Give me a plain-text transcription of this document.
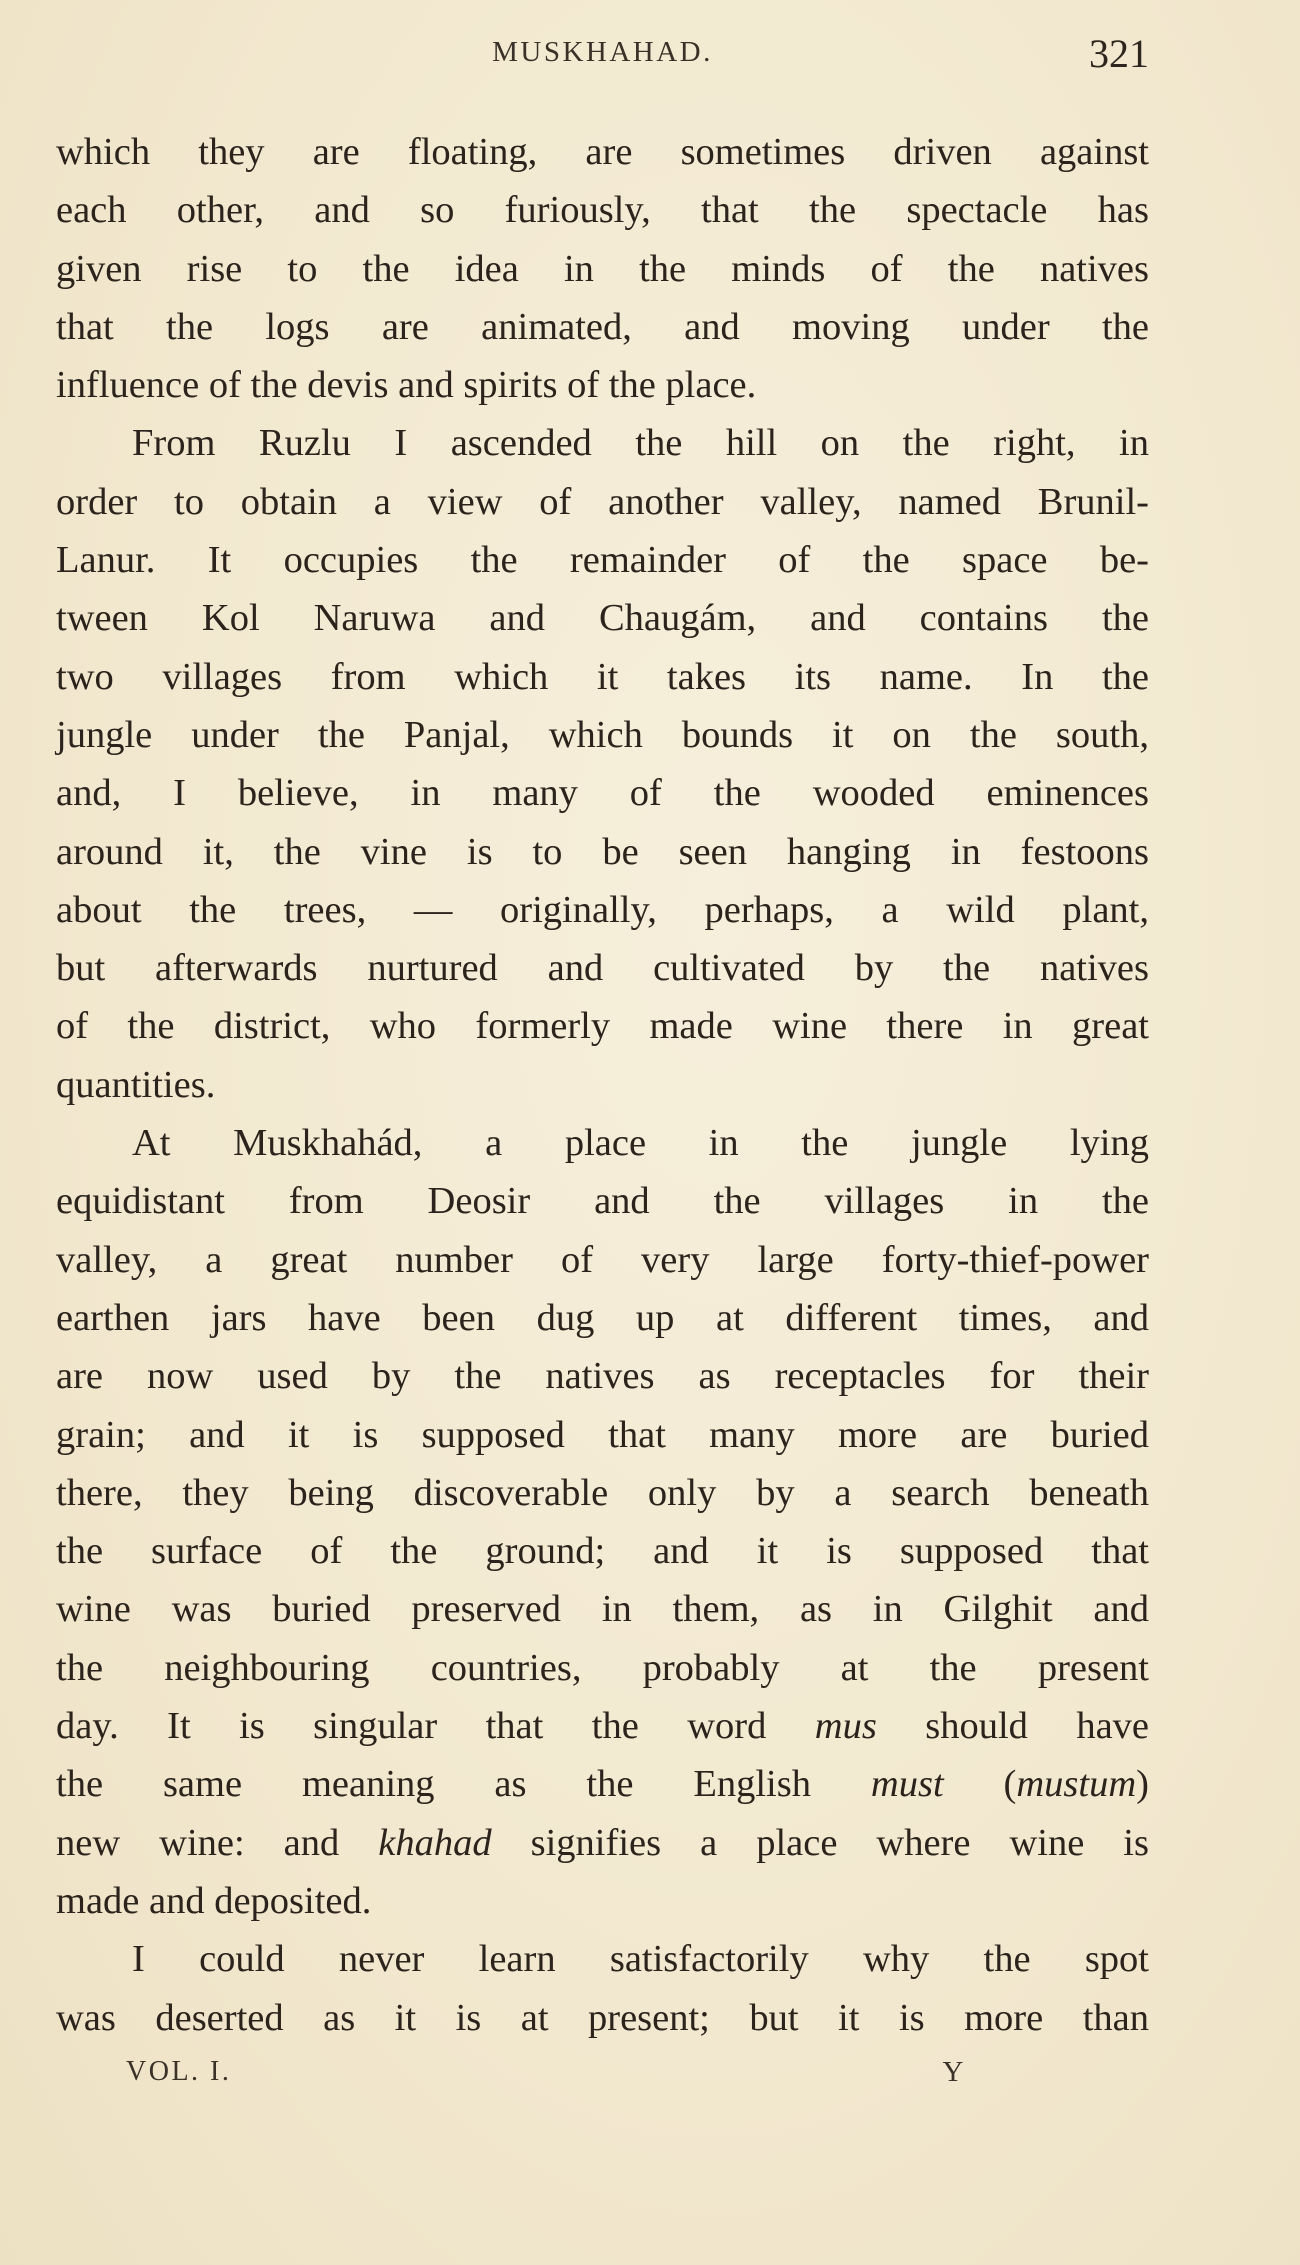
MUSKHAHAD.	321
which they are floating, are sometimes driven against
each other, and so furiously, that the spectacle has
given rise to the idea in the minds of the natives
that the logs are animated, and moving under the
influence of the devis and spirits of the place.
From Ruzlu I ascended the hill on the right, in
order to obtain a view of another valley, named Brunil-
Lanur. It occupies the remainder of the space be-
tween Kol Naruwa and Chaugám, and contains the
two villages from which it takes its name. In the
jungle under the Panjal, which bounds it on the south,
and, I believe, in many of the wooded eminences
around it, the vine is to be seen hanging in festoons
about the trees, — originally, perhaps, a wild plant,
but afterwards nurtured and cultivated by the natives
of the district, who formerly made wine there in great
quantities.
At Muskhahád, a place in the jungle lying
equidistant from Deosir and the villages in the
valley, a great number of very large forty-thief-power
earthen jars have been dug up at different times, and
are now used by the natives as receptacles for their
grain; and it is supposed that many more are buried
there, they being discoverable only by a search beneath
the surface of the ground; and it is supposed that
wine was buried preserved in them, as in Gilghit and
the neighbouring countries, probably at the present
day. It is singular that the word mus should have
the same meaning as the English must (mustum)
new wine: and khahad signifies a place where wine is
made and deposited.
I could never learn satisfactorily why the spot
was deserted as it is at present; but it is more than
VOL. I.	Y
